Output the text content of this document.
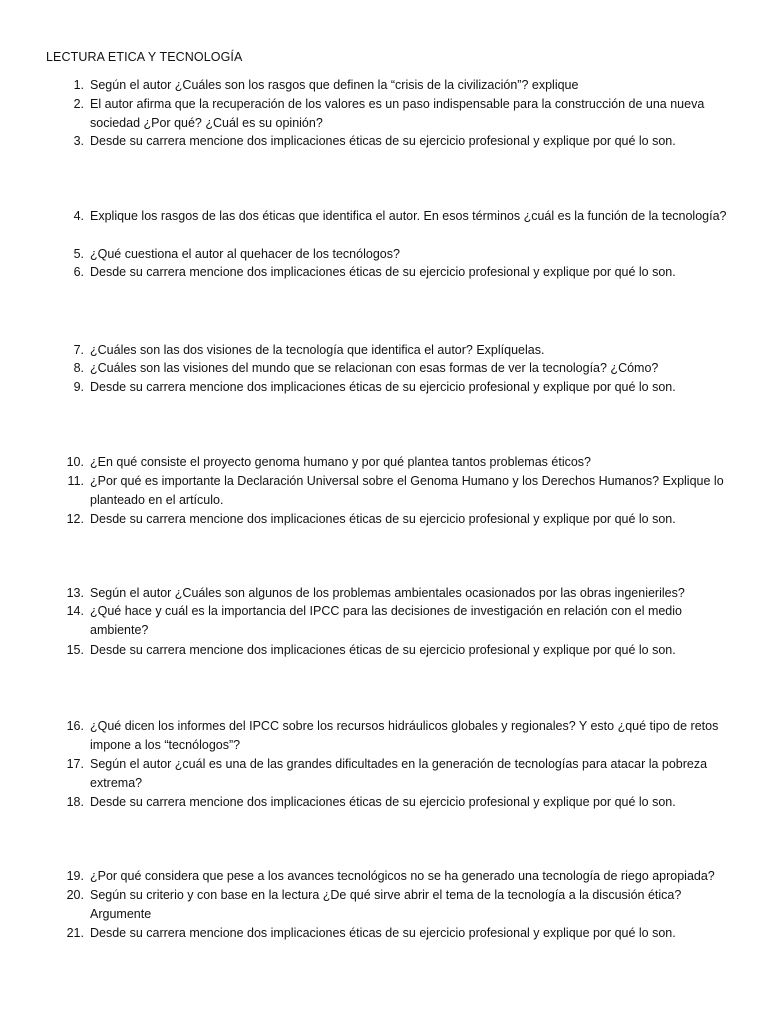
LECTURA ETICA Y TECNOLOGÍA
1. Según el autor ¿Cuáles son los rasgos que definen la “crisis de la civilización”? explique
2. El autor afirma que la recuperación de los valores es un paso indispensable para la construcción de una nueva sociedad ¿Por qué? ¿Cuál es su opinión?
3. Desde su carrera mencione dos implicaciones éticas de su ejercicio profesional y explique por qué lo son.
4. Explique los rasgos de las dos éticas que identifica el autor. En esos términos ¿cuál es la función de la tecnología?
5. ¿Qué cuestiona el autor al quehacer de los tecnólogos?
6. Desde su carrera mencione dos implicaciones éticas de su ejercicio profesional y explique por qué lo son.
7. ¿Cuáles son las dos visiones de la tecnología que identifica el autor? Explíquelas.
8. ¿Cuáles son las visiones del mundo que se relacionan con esas formas de ver la tecnología? ¿Cómo?
9. Desde su carrera mencione dos implicaciones éticas de su ejercicio profesional y explique por qué lo son.
10. ¿En qué consiste el proyecto genoma humano y por qué plantea tantos problemas éticos?
11. ¿Por qué es importante la Declaración Universal sobre el Genoma Humano y los Derechos Humanos? Explique lo planteado en el artículo.
12. Desde su carrera mencione dos implicaciones éticas de su ejercicio profesional y explique por qué lo son.
13. Según el autor ¿Cuáles son algunos de los problemas ambientales ocasionados por las obras ingenieriles?
14. ¿Qué hace y cuál es la importancia del IPCC para las decisiones de investigación en relación con el medio ambiente?
15. Desde su carrera mencione dos implicaciones éticas de su ejercicio profesional y explique por qué lo son.
16. ¿Qué dicen los informes del IPCC sobre los recursos hidráulicos globales y regionales? Y esto ¿qué tipo de retos impone a los “tecnólogos”?
17. Según el autor ¿cuál es una de las grandes dificultades en la generación de tecnologías para atacar la pobreza extrema?
18. Desde su carrera mencione dos implicaciones éticas de su ejercicio profesional y explique por qué lo son.
19. ¿Por qué considera que pese a los avances tecnológicos no se ha generado una tecnología de riego apropiada?
20. Según su criterio y con base en la lectura ¿De qué sirve abrir el tema de la tecnología a la discusión ética? Argumente
21. Desde su carrera mencione dos implicaciones éticas de su ejercicio profesional y explique por qué lo son.
